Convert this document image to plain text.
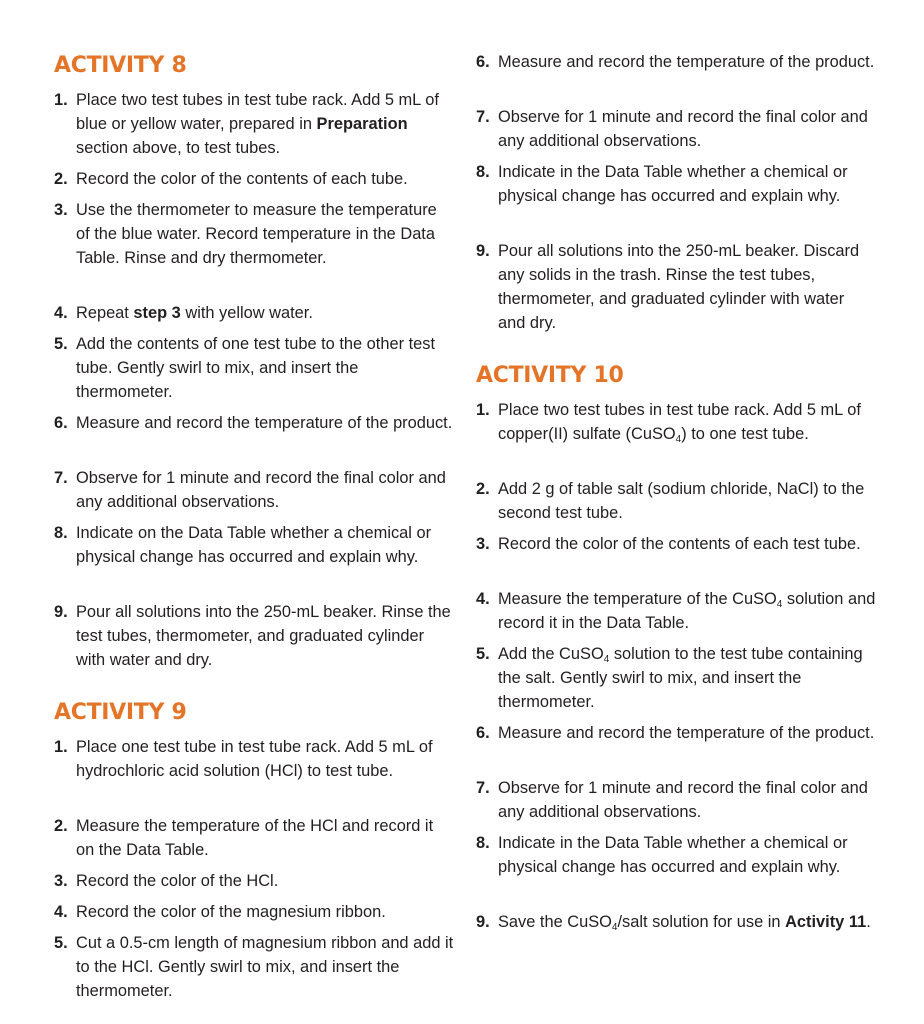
ACTIVITY 8
1. Place two test tubes in test tube rack. Add 5 mL of blue or yellow water, prepared in Preparation section above, to test tubes.
2. Record the color of the contents of each tube.
3. Use the thermometer to measure the temperature of the blue water. Record temperature in the Data Table. Rinse and dry thermometer.
4. Repeat step 3 with yellow water.
5. Add the contents of one test tube to the other test tube. Gently swirl to mix, and insert the thermometer.
6. Measure and record the temperature of the product.
7. Observe for 1 minute and record the final color and any additional observations.
8. Indicate on the Data Table whether a chemical or physical change has occurred and explain why.
9. Pour all solutions into the 250-mL beaker. Rinse the test tubes, thermometer, and graduated cylinder with water and dry.
ACTIVITY 9
1. Place one test tube in test tube rack. Add 5 mL of hydrochloric acid solution (HCl) to test tube.
2. Measure the temperature of the HCl and record it on the Data Table.
3. Record the color of the HCl.
4. Record the color of the magnesium ribbon.
5. Cut a 0.5-cm length of magnesium ribbon and add it to the HCl. Gently swirl to mix, and insert the thermometer.
6. Measure and record the temperature of the product.
7. Observe for 1 minute and record the final color and any additional observations.
8. Indicate in the Data Table whether a chemical or physical change has occurred and explain why.
9. Pour all solutions into the 250-mL beaker. Discard any solids in the trash. Rinse the test tubes, thermometer, and graduated cylinder with water and dry.
ACTIVITY 10
1. Place two test tubes in test tube rack. Add 5 mL of copper(II) sulfate (CuSO$_4$) to one test tube.
2. Add 2 g of table salt (sodium chloride, NaCl) to the second test tube.
3. Record the color of the contents of each test tube.
4. Measure the temperature of the CuSO$_4$ solution and record it in the Data Table.
5. Add the CuSO$_4$ solution to the test tube containing the salt. Gently swirl to mix, and insert the thermometer.
6. Measure and record the temperature of the product.
7. Observe for 1 minute and record the final color and any additional observations.
8. Indicate in the Data Table whether a chemical or physical change has occurred and explain why.
9. Save the CuSO$_4$/salt solution for use in Activity 11.
